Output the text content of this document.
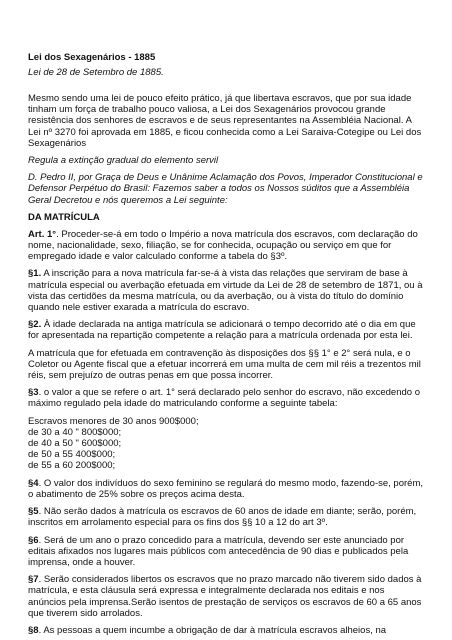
Lei dos Sexagenários - 1885
Lei de 28 de Setembro de 1885.

Mesmo sendo uma lei de pouco efeito prático, já que libertava escravos, que por sua idade tinham um força de trabalho pouco valiosa, a Lei dos Sexagenários provocou grande resistência dos senhores de escravos e de seus representantes na Assembléia Nacional. A Lei nº 3270 foi aprovada em 1885, e ficou conhecida como a Lei Saraiva-Cotegipe ou Lei dos Sexagenários

Regula a extinção gradual do elemento servil

D. Pedro II, por Graça de Deus e Unânime Aclamação dos Povos, Imperador Constitucional e Defensor Perpétuo do Brasil: Fazemos saber a todos os Nossos súditos que a Assembléia Geral Decretou e nós queremos a Lei seguinte:

DA MATRÍCULA

Art. 1°. Proceder-se-á em todo o Império a nova matrícula dos escravos, com declaração do nome, nacionalidade, sexo, filiação, se for conhecida, ocupação ou serviço em que for empregado idade e valor calculado conforme a tabela do §3º.

§1. A inscrição para a nova matrícula far-se-á à vista das relações que serviram de base à matrícula especial ou averbação efetuada em virtude da Lei de 28 de setembro de 1871, ou à vista das certidões da mesma matrícula, ou da averbação, ou à vista do título do domínio quando nele estiver exarada a matrícula do escravo.

§2. À idade declarada na antiga matrícula se adicionará o tempo decorrido até o dia em que for apresentada na repartição competente a relação para a matrícula ordenada por esta lei.

A matrícula que for efetuada em contravenção às disposições dos §§ 1° e 2° será nula, e o Coletor ou Agente fiscal que a efetuar incorrerá em uma multa de cem mil réis a trezentos mil réis, sem prejuízo de outras penas em que possa incorrer.

§3. o valor a que se refere o art. 1° será declarado pelo senhor do escravo, não excedendo o máximo regulado pela idade do matriculando conforme a seguinte tabela:

Escravos menores de 30 anos 900$000;
de 30 a 40 " 800$000;
de 40 a 50 " 600$000;
de 50 a 55 400$000;
de 55 a 60 200$000;

§4. O valor dos indivíduos do sexo feminino se regulará do mesmo modo, fazendo-se, porém, o abatimento de 25% sobre os preços acima desta.

§5. Não serão dados à matrícula os escravos de 60 anos de idade em diante; serão, porém, inscritos em arrolamento especial para os fins dos §§ 10 a 12 do art 3º.

§6. Será de um ano o prazo concedido para a matrícula, devendo ser este anunciado por editais afixados nos lugares mais públicos com antecedência de 90 dias e publicados pela imprensa, onde a houver.

§7. Serão considerados libertos os escravos que no prazo marcado não tiverem sido dados à matrícula, e esta cláusula será expressa e integralmente declarada nos editais e nos anúncios pela imprensa.Serão isentos de prestação de serviços os escravos de 60 a 65 anos que tiverem sido arrolados.

§8. As pessoas a quem incumbe a obrigação de dar à matrícula escravos alheios, na
